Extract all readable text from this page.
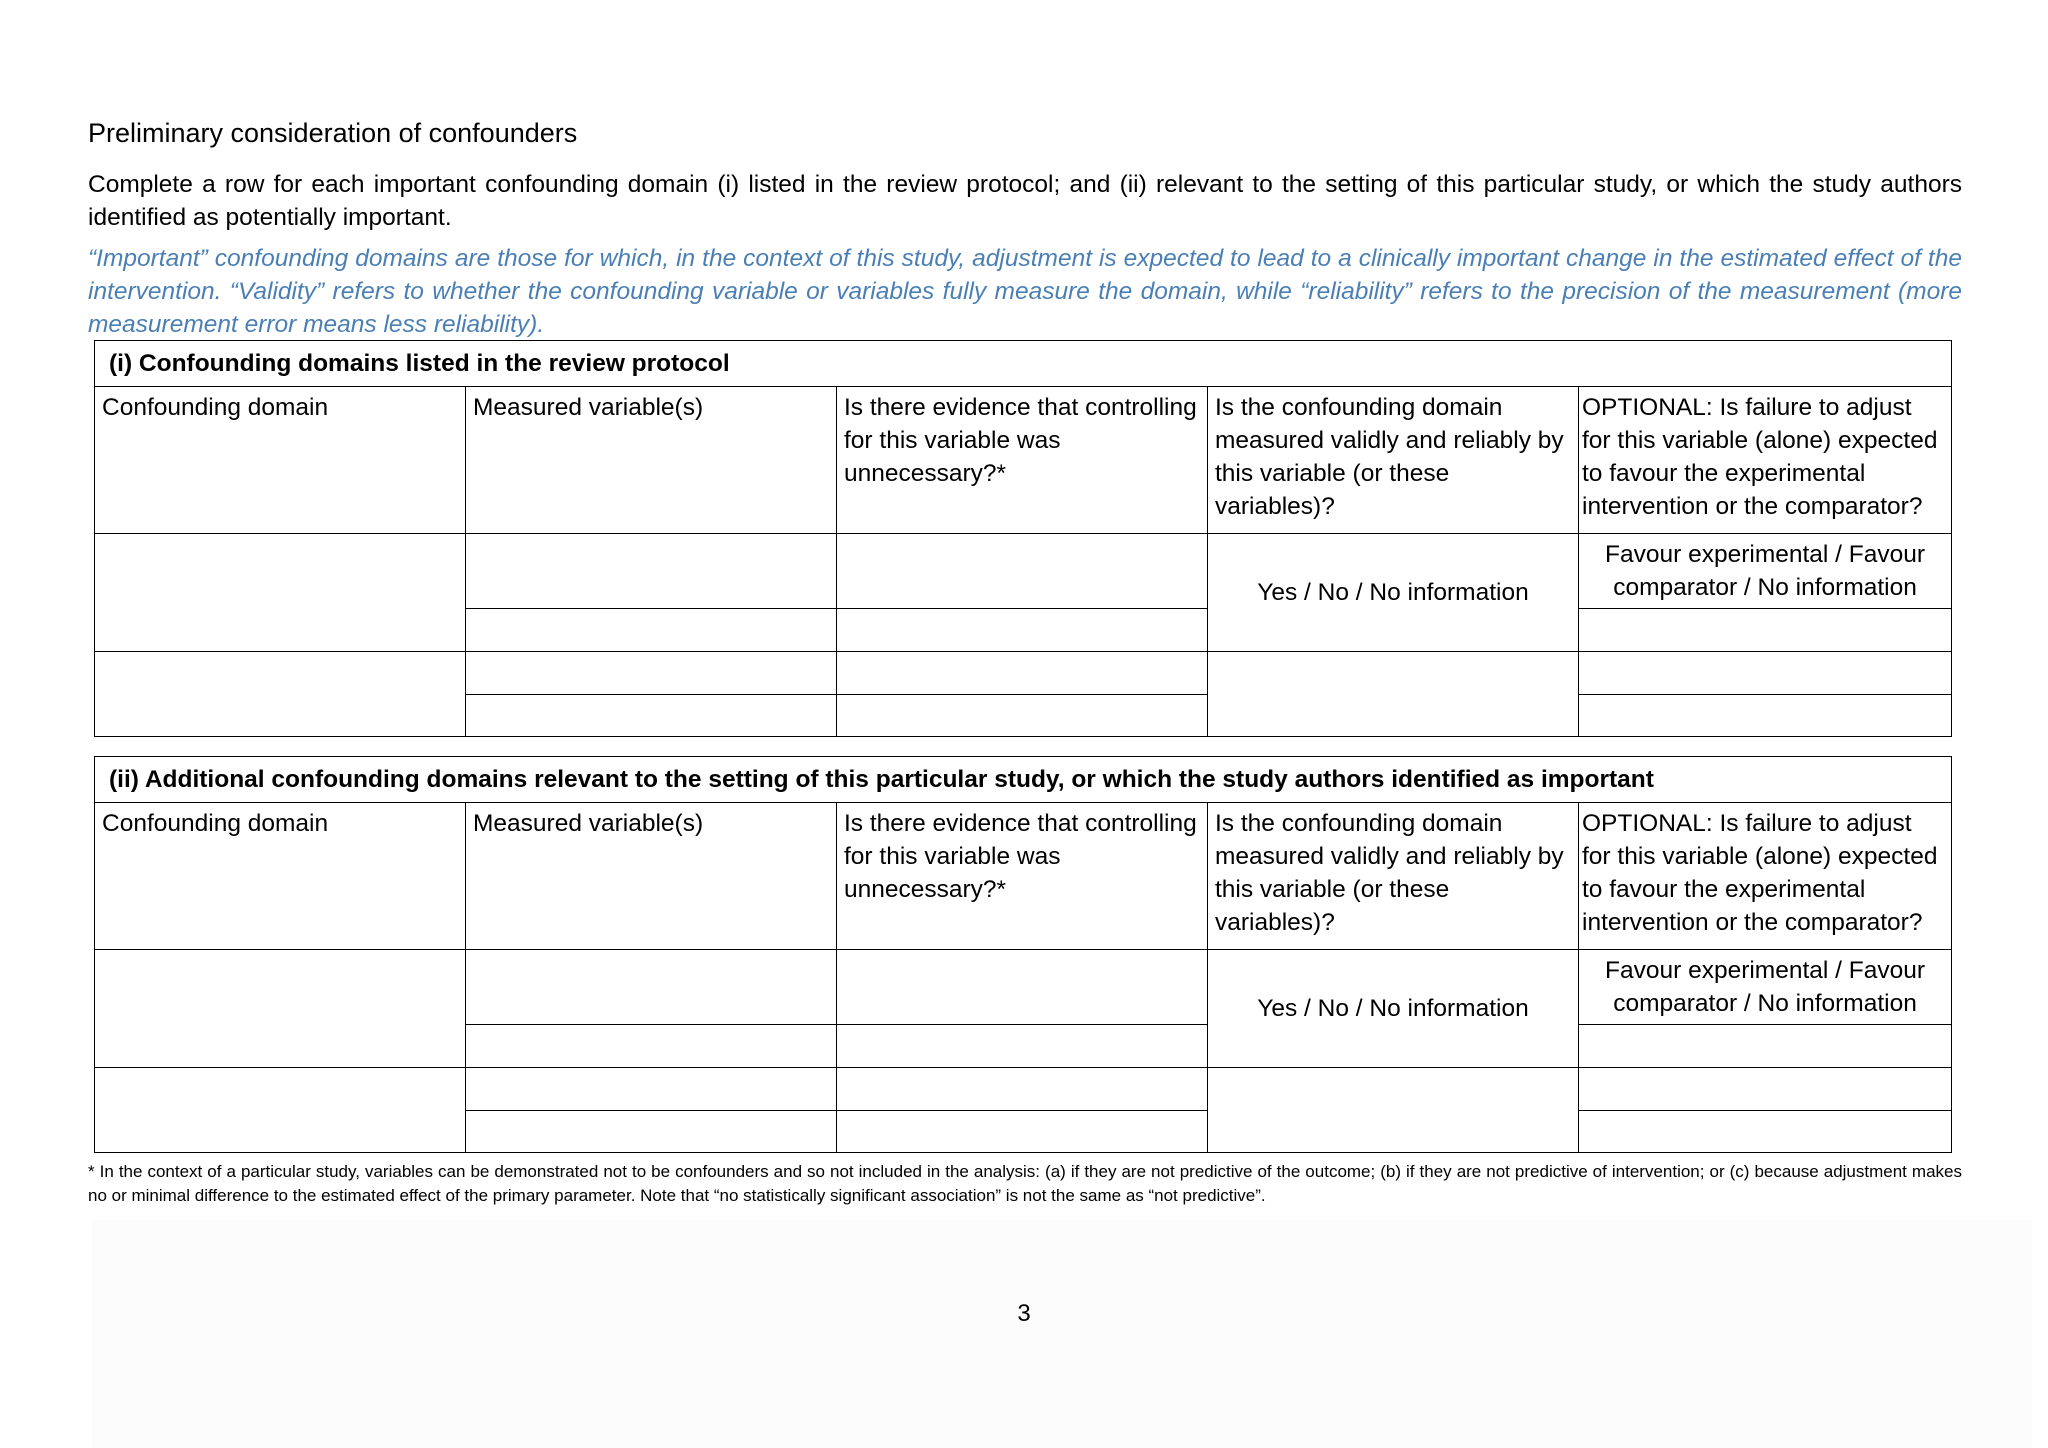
Preliminary consideration of confounders

Complete a row for each important confounding domain (i) listed in the review protocol; and (ii) relevant to the setting of this particular study, or which the study authors identified as potentially important.

“Important” confounding domains are those for which, in the context of this study, adjustment is expected to lead to a clinically important change in the estimated effect of the intervention. “Validity” refers to whether the confounding variable or variables fully measure the domain, while “reliability” refers to the precision of the measurement (more measurement error means less reliability).

(i) Confounding domains listed in the review protocol				
Confounding domain	Measured variable(s)	Is there evidence that controlling for this variable was unnecessary?*	Is the confounding domain measured validly and reliably by this variable (or these variables)?	OPTIONAL: Is failure to adjust for this variable (alone) expected to favour the experimental intervention or the comparator?
			Yes / No / No information	Favour experimental / Favour comparator / No information

(ii) Additional confounding domains relevant to the setting of this particular study, or which the study authors identified as important				
Confounding domain	Measured variable(s)	Is there evidence that controlling for this variable was unnecessary?*	Is the confounding domain measured validly and reliably by this variable (or these variables)?	OPTIONAL: Is failure to adjust for this variable (alone) expected to favour the experimental intervention or the comparator?
			Yes / No / No information	Favour experimental / Favour comparator / No information

* In the context of a particular study, variables can be demonstrated not to be confounders and so not included in the analysis: (a) if they are not predictive of the outcome; (b) if they are not predictive of intervention; or (c) because adjustment makes no or minimal difference to the estimated effect of the primary parameter. Note that “no statistically significant association” is not the same as “not predictive”.

3
